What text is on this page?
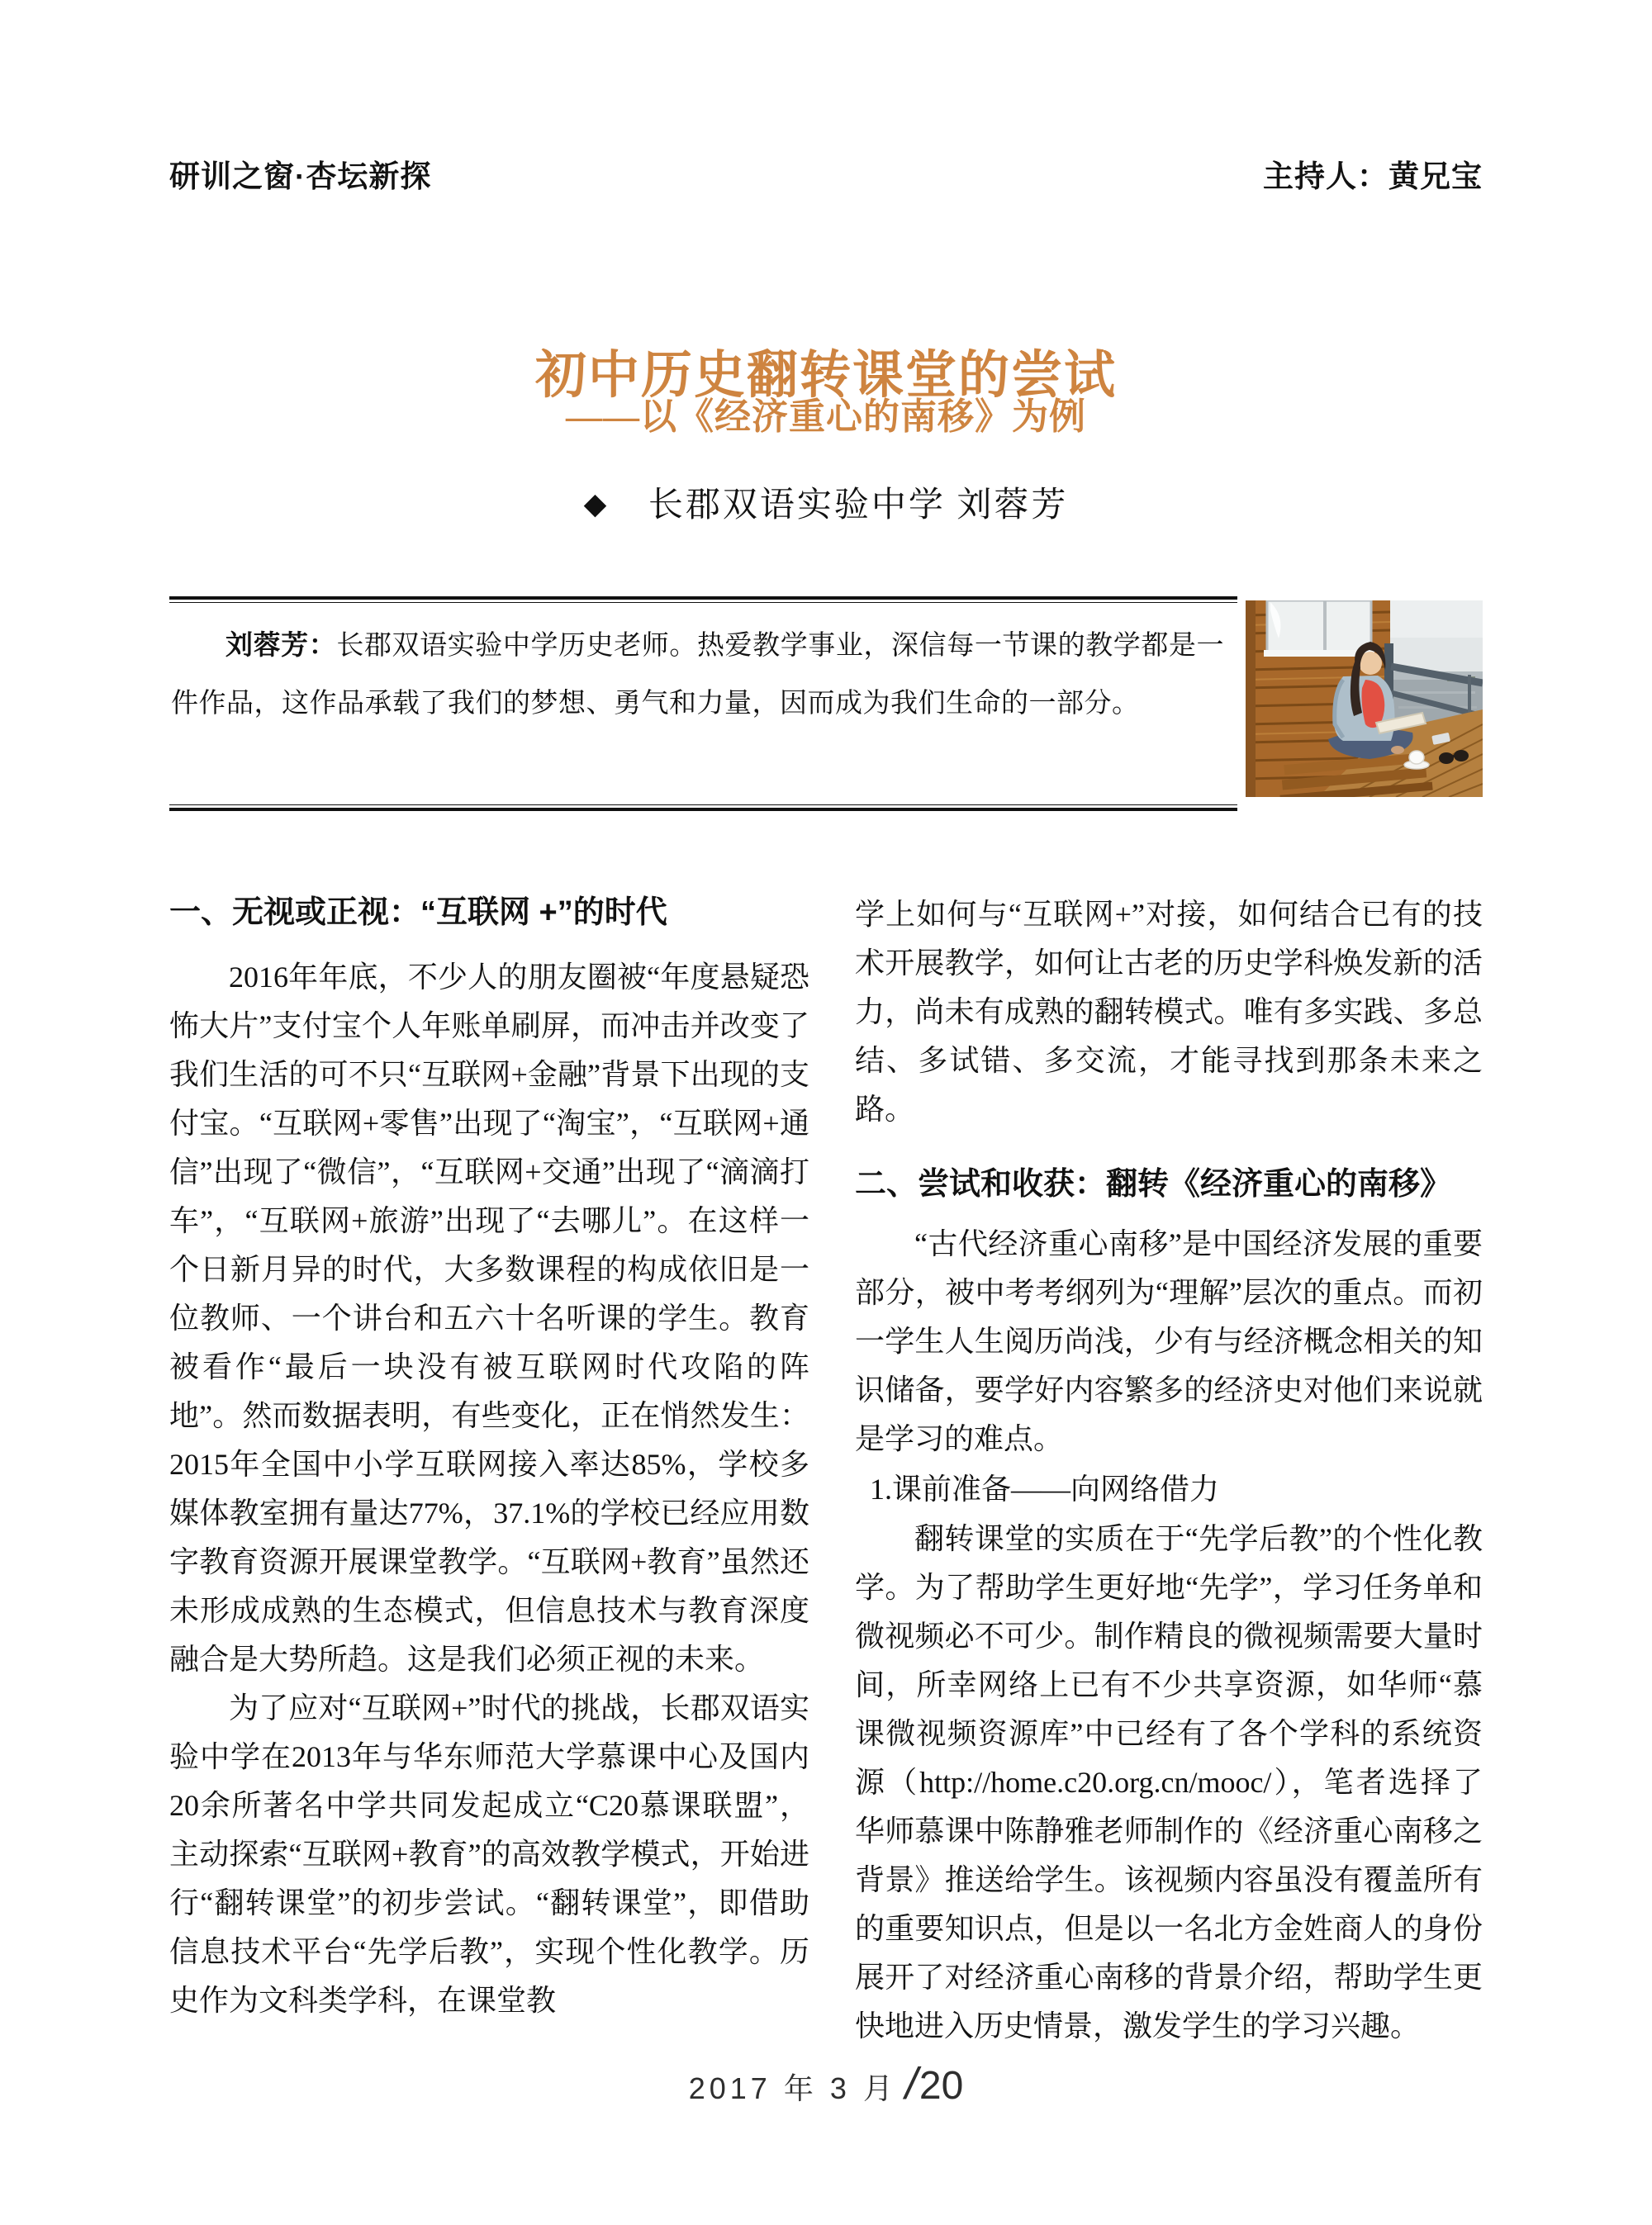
研训之窗·杏坛新探	主持人：黄兄宝
初中历史翻转课堂的尝试
——以《经济重心的南移》为例
◆ 长郡双语实验中学 刘蓉芳

刘蓉芳：长郡双语实验中学历史老师。热爱教学事业，深信每一节课的教学都是一件作品，这作品承载了我们的梦想、勇气和力量，因而成为我们生命的一部分。

一、无视或正视：“互联网 +”的时代

2016年年底，不少人的朋友圈被“年度悬疑恐怖大片”支付宝个人年账单刷屏，而冲击并改变了我们生活的可不只“互联网+金融”背景下出现的支付宝。“互联网+零售”出现了“淘宝”，“互联网+通信”出现了“微信”，“互联网+交通”出现了“滴滴打车”，“互联网+旅游”出现了“去哪儿”。在这样一个日新月异的时代，大多数课程的构成依旧是一位教师、一个讲台和五六十名听课的学生。教育被看作“最后一块没有被互联网时代攻陷的阵地”。然而数据表明，有些变化，正在悄然发生：2015年全国中小学互联网接入率达85%，学校多媒体教室拥有量达77%，37.1%的学校已经应用数字教育资源开展课堂教学。“互联网+教育”虽然还未形成成熟的生态模式，但信息技术与教育深度融合是大势所趋。这是我们必须正视的未来。

为了应对“互联网+”时代的挑战，长郡双语实验中学在2013年与华东师范大学慕课中心及国内20余所著名中学共同发起成立“C20慕课联盟”，主动探索“互联网+教育”的高效教学模式，开始进行“翻转课堂”的初步尝试。“翻转课堂”，即借助信息技术平台“先学后教”，实现个性化教学。历史作为文科类学科，在课堂教

学上如何与“互联网+”对接，如何结合已有的技术开展教学，如何让古老的历史学科焕发新的活力，尚未有成熟的翻转模式。唯有多实践、多总结、多试错、多交流，才能寻找到那条未来之路。

二、尝试和收获：翻转《经济重心的南移》

“古代经济重心南移”是中国经济发展的重要部分，被中考考纲列为“理解”层次的重点。而初一学生人生阅历尚浅，少有与经济概念相关的知识储备，要学好内容繁多的经济史对他们来说就是学习的难点。

1.课前准备——向网络借力

翻转课堂的实质在于“先学后教”的个性化教学。为了帮助学生更好地“先学”，学习任务单和微视频必不可少。制作精良的微视频需要大量时间，所幸网络上已有不少共享资源，如华师“慕课微视频资源库”中已经有了各个学科的系统资源（http://home.c20.org.cn/mooc/），笔者选择了华师慕课中陈静雅老师制作的《经济重心南移之背景》推送给学生。该视频内容虽没有覆盖所有的重要知识点，但是以一名北方金姓商人的身份展开了对经济重心南移的背景介绍，帮助学生更快地进入历史情景，激发学生的学习兴趣。

2017 年 3 月 /20
